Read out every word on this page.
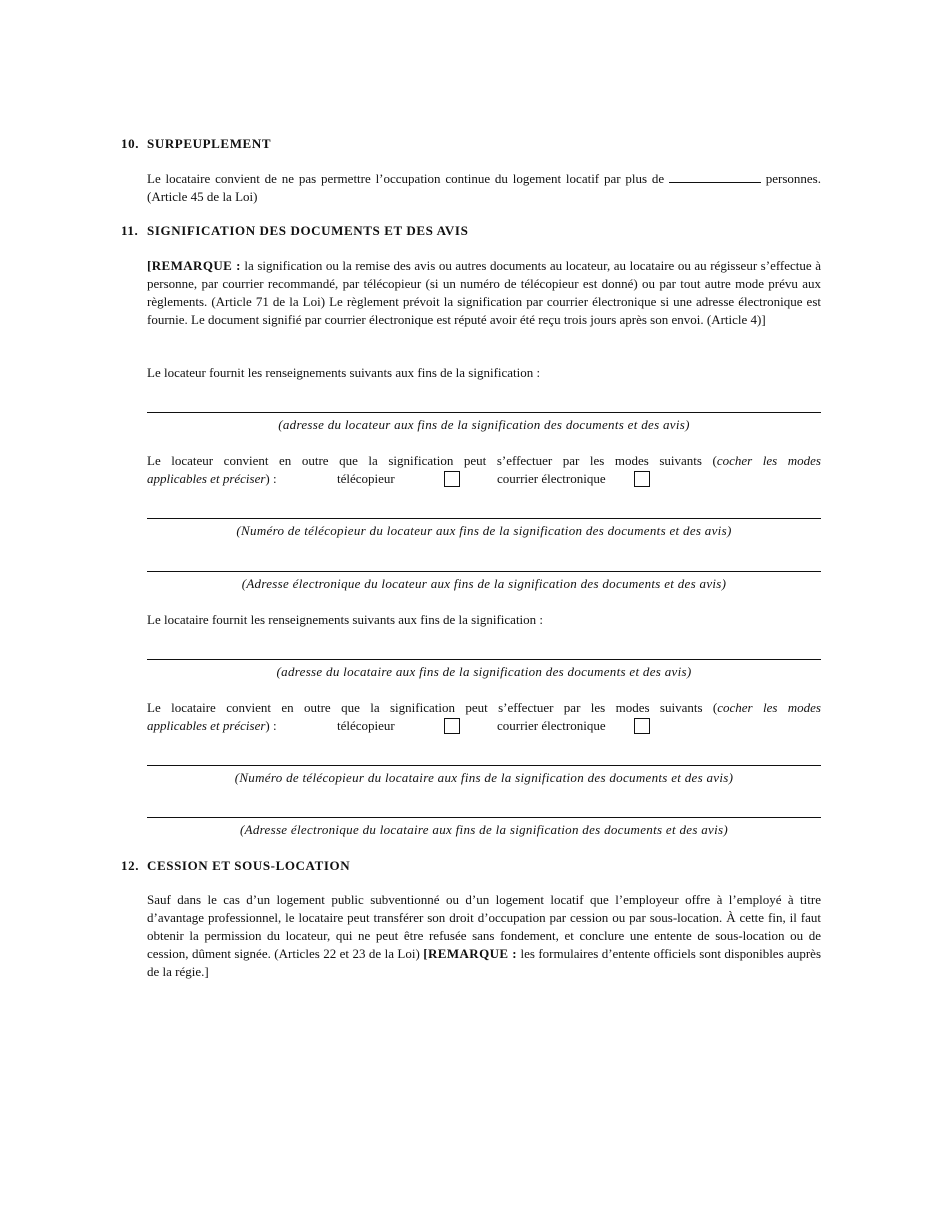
10. SURPEUPLEMENT
Le locataire convient de ne pas permettre l’occupation continue du logement locatif par plus de	personnes. (Article 45 de la Loi)
11. SIGNIFICATION DES DOCUMENTS ET DES AVIS
[REMARQUE : la signification ou la remise des avis ou autres documents au locateur, au locataire ou au régisseur s’effectue à personne, par courrier recommandé, par télécopieur (si un numéro de télécopieur est donné) ou par tout autre mode prévu aux règlements. (Article 71 de la Loi) Le règlement prévoit la signification par courrier électronique si une adresse électronique est fournie. Le document signifié par courrier électronique est réputé avoir été reçu trois jours après son envoi. (Article 4)]
Le locateur fournit les renseignements suivants aux fins de la signification :
(adresse du locateur aux fins de la signification des documents et des avis)
Le locateur convient en outre que la signification peut s’effectuer par les modes suivants (cocher les modes
applicables et préciser) :	télécopieur	courrier électronique
(Numéro de télécopieur du locateur aux fins de la signification des documents et des avis)
(Adresse électronique du locateur aux fins de la signification des documents et des avis)
Le locataire fournit les renseignements suivants aux fins de la signification :
(adresse du locataire aux fins de la signification des documents et des avis)
Le locataire convient en outre que la signification peut s’effectuer par les modes suivants (cocher les modes
applicables et préciser) :	télécopieur	courrier électronique
(Numéro de télécopieur du locataire aux fins de la signification des documents et des avis)
(Adresse électronique du locataire aux fins de la signification des documents et des avis)
12. CESSION ET SOUS-LOCATION
Sauf dans le cas d’un logement public subventionné ou d’un logement locatif que l’employeur offre à l’employé à titre d’avantage professionnel, le locataire peut transférer son droit d’occupation par cession ou par sous-location. À cette fin, il faut obtenir la permission du locateur, qui ne peut être refusée sans fondement, et conclure une entente de sous-location ou de cession, dûment signée. (Articles 22 et 23 de la Loi) [REMARQUE : les formulaires d’entente officiels sont disponibles auprès de la régie.]
